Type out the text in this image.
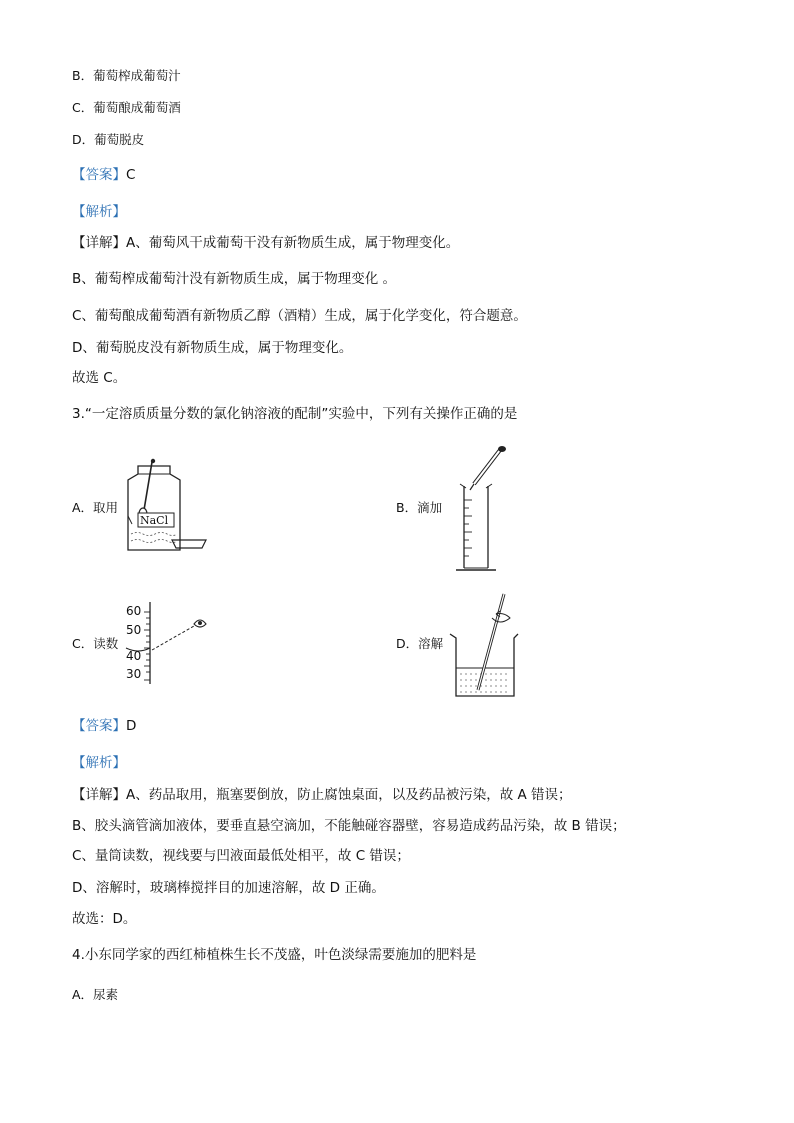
B．葡萄榨成葡萄汁
C．葡萄酿成葡萄酒
D．葡萄脱皮
【答案】C
【解析】
【详解】A、葡萄风干成葡萄干没有新物质生成，属于物理变化。
B、葡萄榨成葡萄汁没有新物质生成，属于物理变化 。
C、葡萄酿成葡萄酒有新物质乙醇（酒精）生成，属于化学变化，符合题意。
D、葡萄脱皮没有新物质生成，属于物理变化。
故选 C。
3.“一定溶质质量分数的氯化钠溶液的配制”实验中，下列有关操作正确的是
A．取用
NaCl
B．滴加
C．读数
60
50
40
30
D．溶解
【答案】D
【解析】
【详解】A、药品取用，瓶塞要倒放，防止腐蚀桌面，以及药品被污染，故 A 错误；
B、胶头滴管滴加液体，要垂直悬空滴加，不能触碰容器壁，容易造成药品污染，故 B 错误；
C、量筒读数，视线要与凹液面最低处相平，故 C 错误；
D、溶解时，玻璃棒搅拌目的加速溶解，故 D 正确。
故选：D。
4.小东同学家的西红柿植株生长不茂盛，叶色淡绿需要施加的肥料是
A．尿素
